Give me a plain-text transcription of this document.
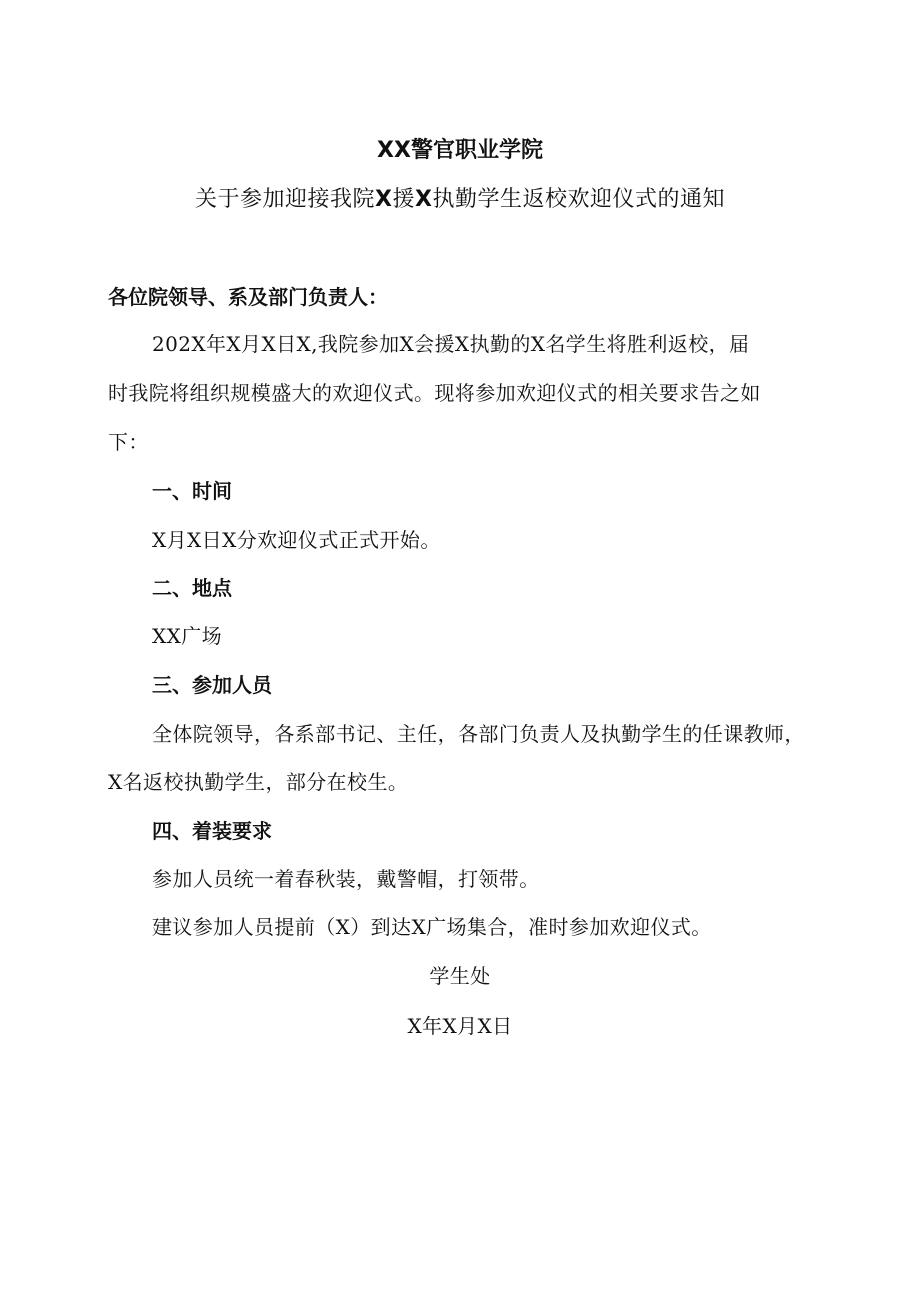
XX警官职业学院
关于参加迎接我院X援X执勤学生返校欢迎仪式的通知
各位院领导、系及部门负责人：
202X年X月X日X,我院参加X会援X执勤的X名学生将胜利返校，届
时我院将组织规模盛大的欢迎仪式。现将参加欢迎仪式的相关要求告之如
下：
一、时间
X月X日X分欢迎仪式正式开始。
二、地点
XX广场
三、参加人员
全体院领导，各系部书记、主任，各部门负责人及执勤学生的任课教师，
X名返校执勤学生，部分在校生。
四、着装要求
参加人员统一着春秋装，戴警帽，打领带。
建议参加人员提前（X）到达X广场集合，准时参加欢迎仪式。
学生处
X年X月X日
